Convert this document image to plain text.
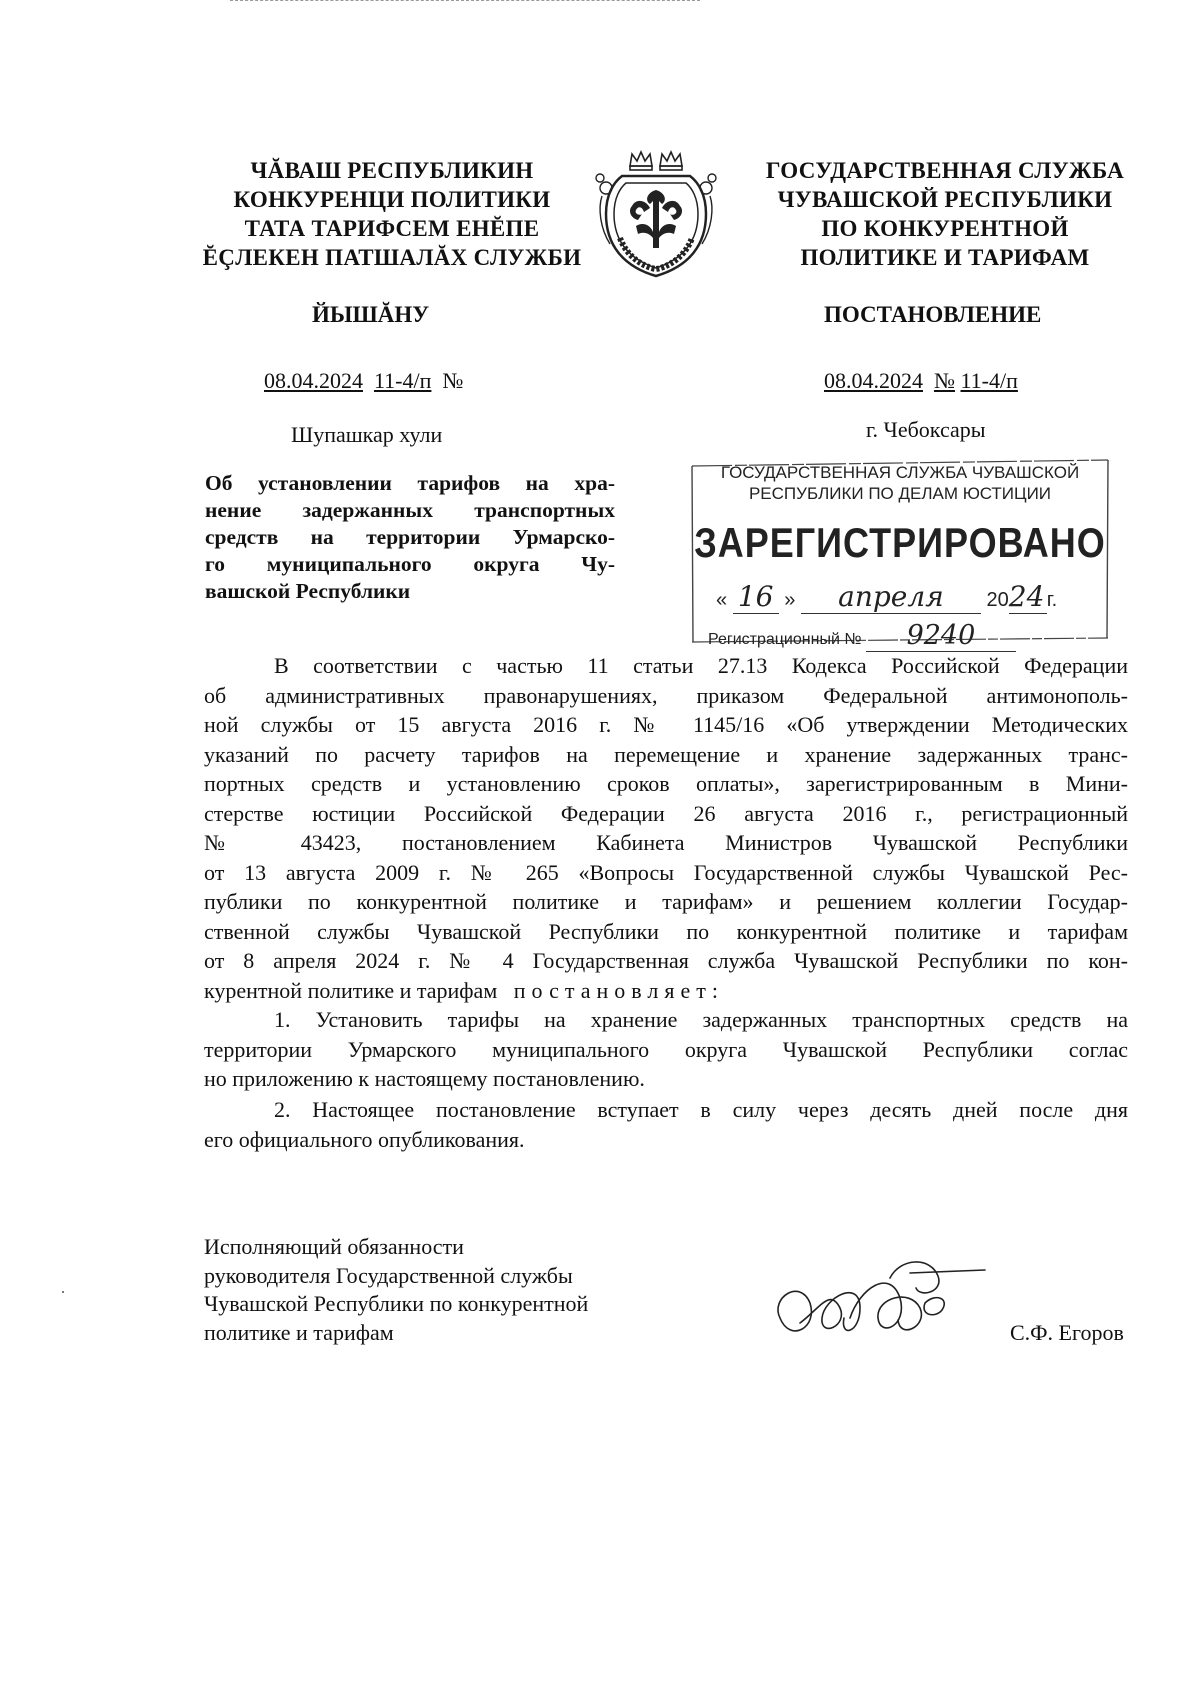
ЧĂВАШ РЕСПУБЛИКИН
КОНКУРЕНЦИ ПОЛИТИКИ
ТАТА ТАРИФСЕМ ЕНĔПЕ
ĔÇЛЕКЕН ПАТШАЛĂХ СЛУЖБИ
ГОСУДАРСТВЕННАЯ СЛУЖБА
ЧУВАШСКОЙ РЕСПУБЛИКИ
ПО КОНКУРЕНТНОЙ
ПОЛИТИКЕ И ТАРИФАМ
ЙЫШĂНУ	ПОСТАНОВЛЕНИЕ
08.04.2024 11-4/п №	08.04.2024 № 11-4/п
Шупашкар хули	г. Чебоксары
ГОСУДАРСТВЕННАЯ СЛУЖБА ЧУВАШСКОЙ
РЕСПУБЛИКИ ПО ДЕЛАМ ЮСТИЦИИ
ЗАРЕГИСТРИРОВАНО
« 16 » апреля 2024 г.
Регистрационный № 9240
Об установлении тарифов на хра-
нение задержанных транспортных
средств на территории Урмарско-
го муниципального округа Чу-
вашской Республики
В соответствии с частью 11 статьи 27.13 Кодекса Российской Федерации
об административных правонарушениях, приказом Федеральной антимонополь-
ной службы от 15 августа 2016 г. № 1145/16 «Об утверждении Методических
указаний по расчету тарифов на перемещение и хранение задержанных транс-
портных средств и установлению сроков оплаты», зарегистрированным в Мини-
стерстве юстиции Российской Федерации 26 августа 2016 г., регистрационный
№ 43423, постановлением Кабинета Министров Чувашской Республики
от 13 августа 2009 г. № 265 «Вопросы Государственной службы Чувашской Рес-
публики по конкурентной политике и тарифам» и решением коллегии Государ-
ственной службы Чувашской Республики по конкурентной политике и тарифам
от 8 апреля 2024 г. № 4 Государственная служба Чувашской Республики по кон-
курентной политике и тарифам постановляет:
1. Установить тарифы на хранение задержанных транспортных средств на
территории Урмарского муниципального округа Чувашской Республики соглас
но приложению к настоящему постановлению.
2. Настоящее постановление вступает в силу через десять дней после дня
его официального опубликования.
Исполняющий обязанности
руководителя Государственной службы
Чувашской Республики по конкурентной
политике и тарифам	С.Ф. Егоров
